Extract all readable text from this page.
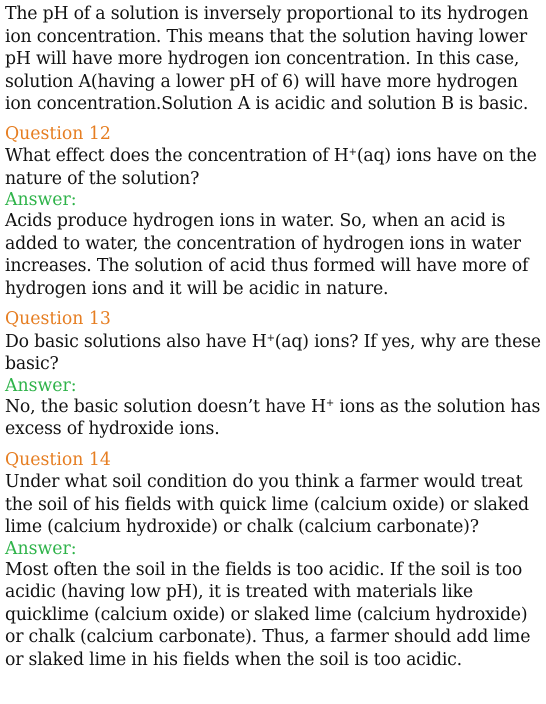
The pH of a solution is inversely proportional to its hydrogen
ion concentration. This means that the solution having lower
pH will have more hydrogen ion concentration. In this case,
solution A(having a lower pH of 6) will have more hydrogen
ion concentration.Solution A is acidic and solution B is basic.

Question 12

What effect does the concentration of H+(aq) ions have on the
nature of the solution?

Answer:

Acids produce hydrogen ions in water. So, when an acid is
added to water, the concentration of hydrogen ions in water
increases. The solution of acid thus formed will have more of
hydrogen ions and it will be acidic in nature.

Question 13

Do basic solutions also have H+(aq) ions? If yes, why are these
basic?

Answer:

No, the basic solution doesn’t have H+ ions as the solution has
excess of hydroxide ions.

Question 14

Under what soil condition do you think a farmer would treat
the soil of his fields with quick lime (calcium oxide) or slaked
lime (calcium hydroxide) or chalk (calcium carbonate)?

Answer:

Most often the soil in the fields is too acidic. If the soil is too
acidic (having low pH), it is treated with materials like
quicklime (calcium oxide) or slaked lime (calcium hydroxide)
or chalk (calcium carbonate). Thus, a farmer should add lime
or slaked lime in his fields when the soil is too acidic.
